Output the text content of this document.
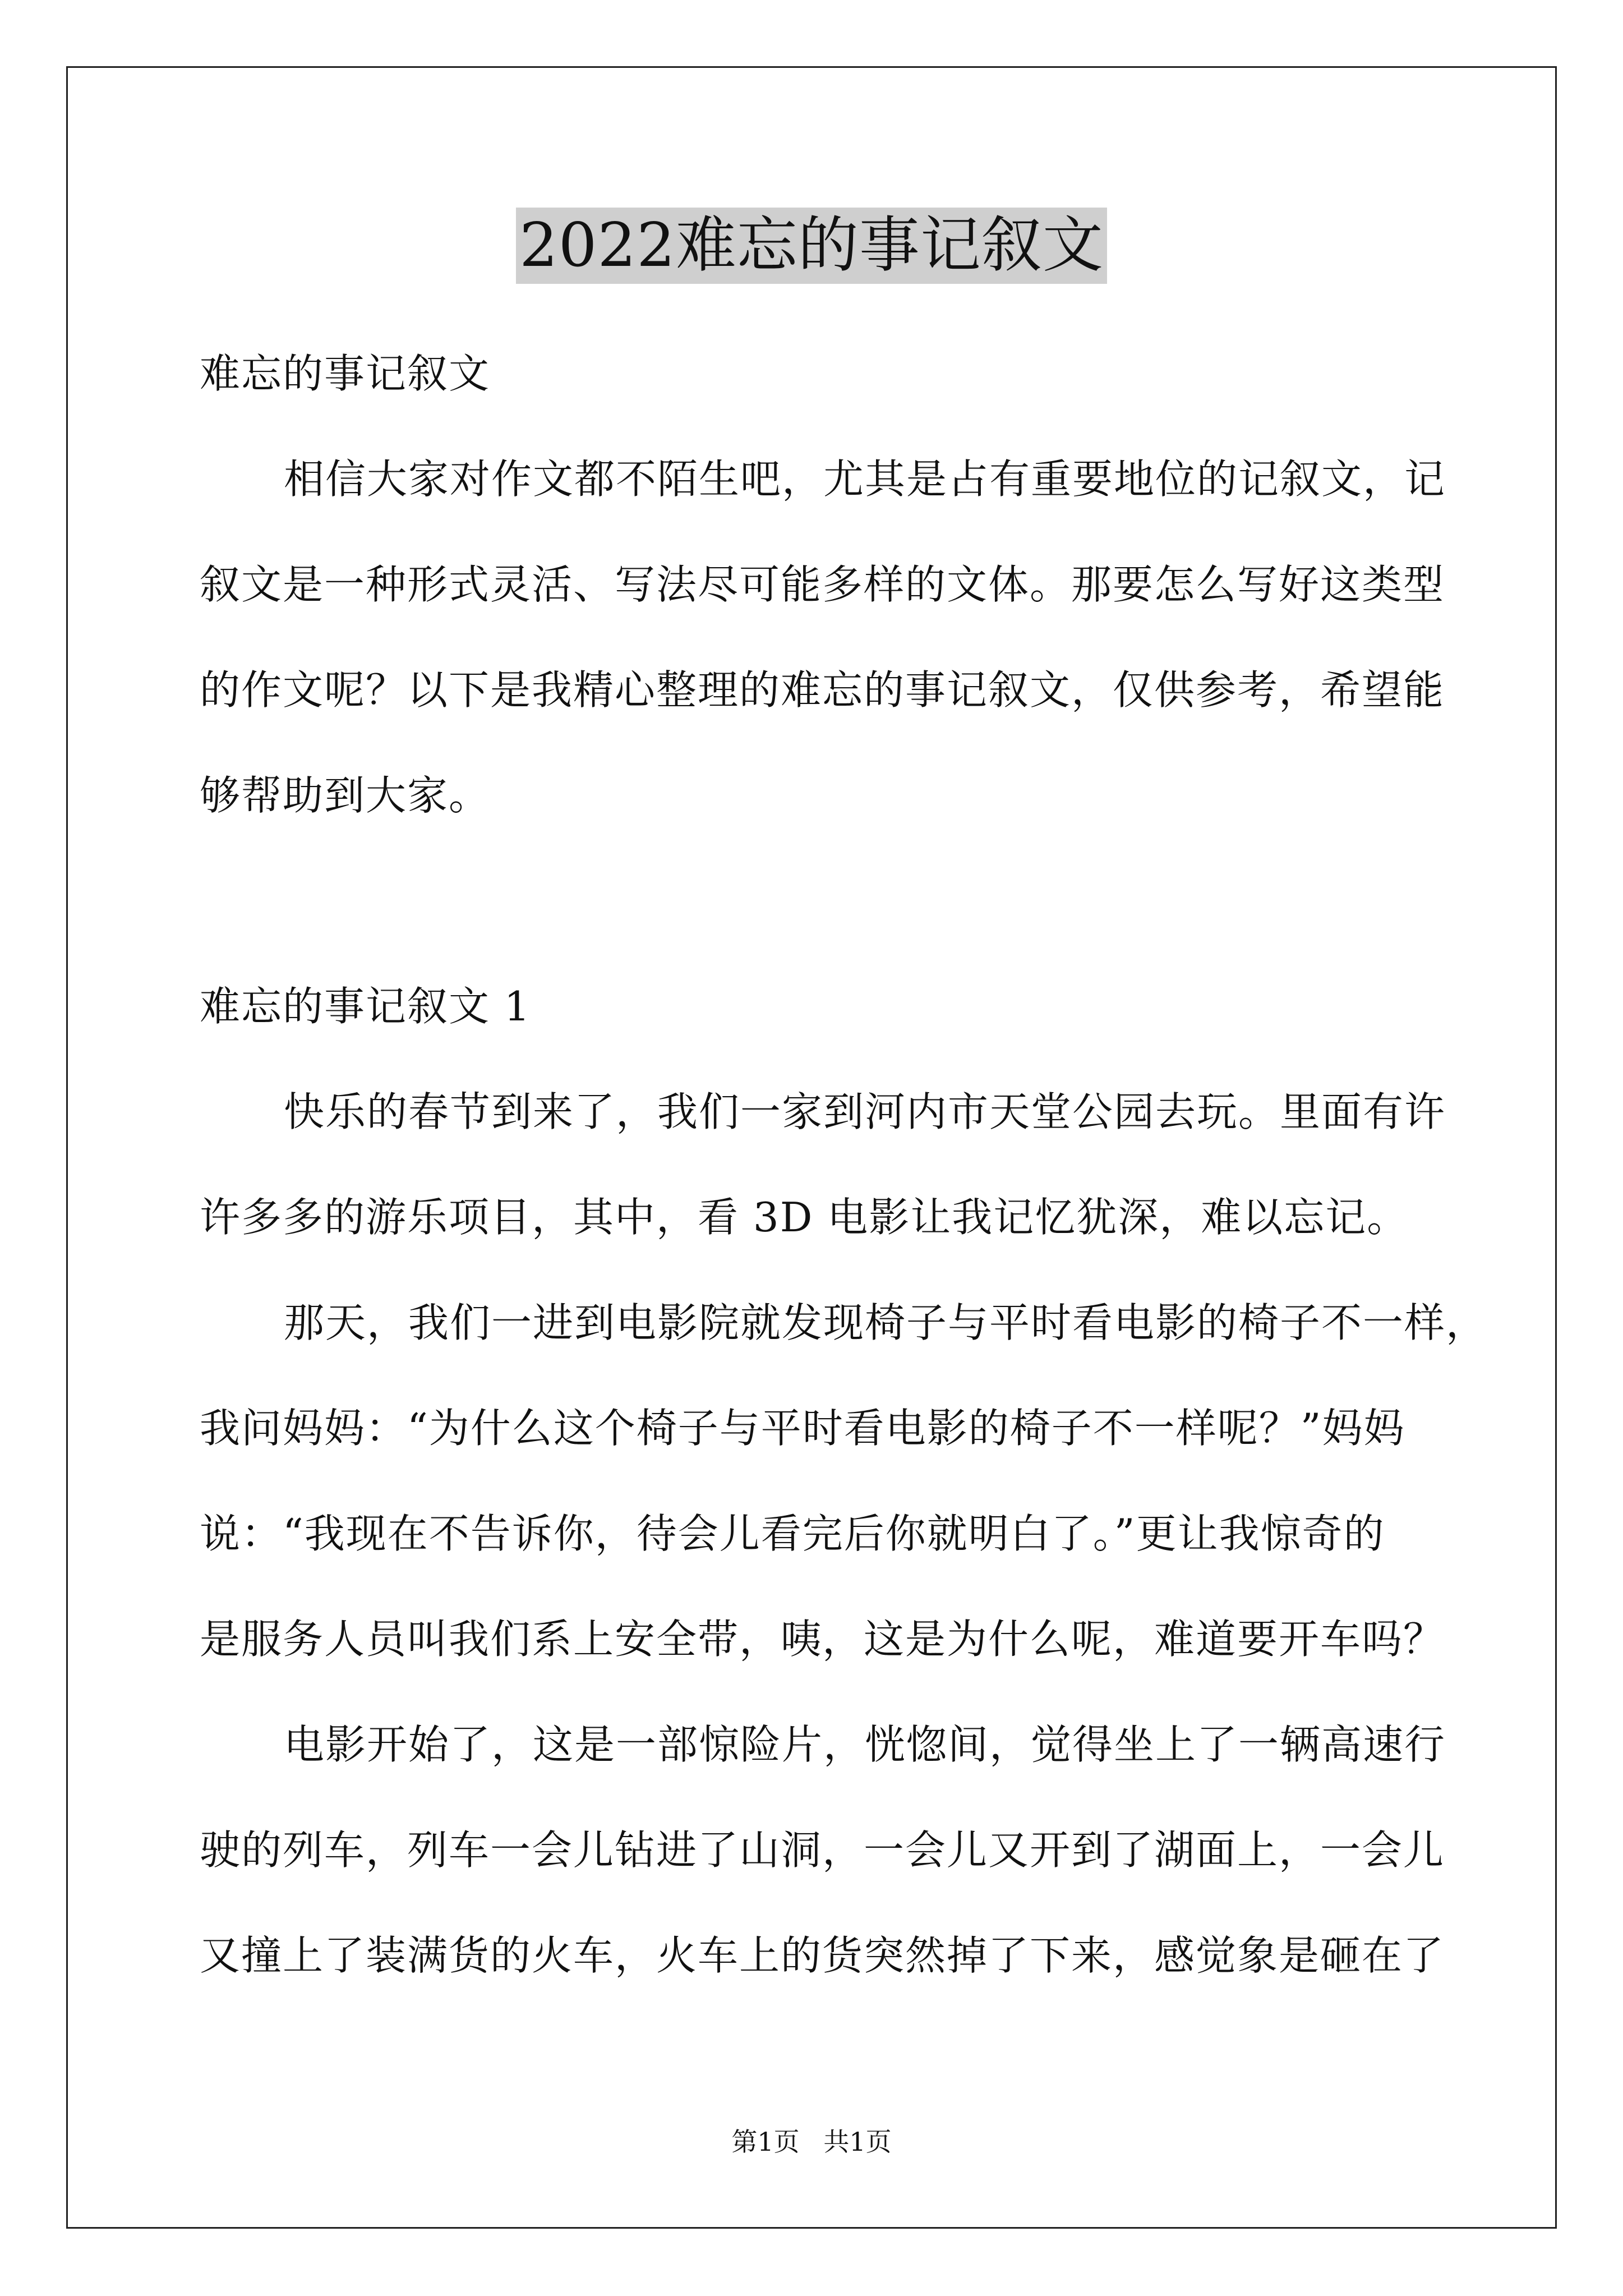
2022难忘的事记叙文
难忘的事记叙文
相信大家对作文都不陌生吧，尤其是占有重要地位的记叙文，记
叙文是一种形式灵活、写法尽可能多样的文体。那要怎么写好这类型
的作文呢？以下是我精心整理的难忘的事记叙文，仅供参考，希望能
够帮助到大家。
难忘的事记叙文 1
快乐的春节到来了，我们一家到河内市天堂公园去玩。里面有许
许多多的游乐项目，其中，看 3D 电影让我记忆犹深，难以忘记。
那天，我们一进到电影院就发现椅子与平时看电影的椅子不一样，
我问妈妈：“为什么这个椅子与平时看电影的椅子不一样呢？”妈妈
说：“我现在不告诉你，待会儿看完后你就明白了。”更让我惊奇的
是服务人员叫我们系上安全带，咦，这是为什么呢，难道要开车吗？
电影开始了，这是一部惊险片，恍惚间，觉得坐上了一辆高速行
驶的列车，列车一会儿钻进了山洞，一会儿又开到了湖面上，一会儿
又撞上了装满货的火车，火车上的货突然掉了下来，感觉象是砸在了
第1页 共1页
